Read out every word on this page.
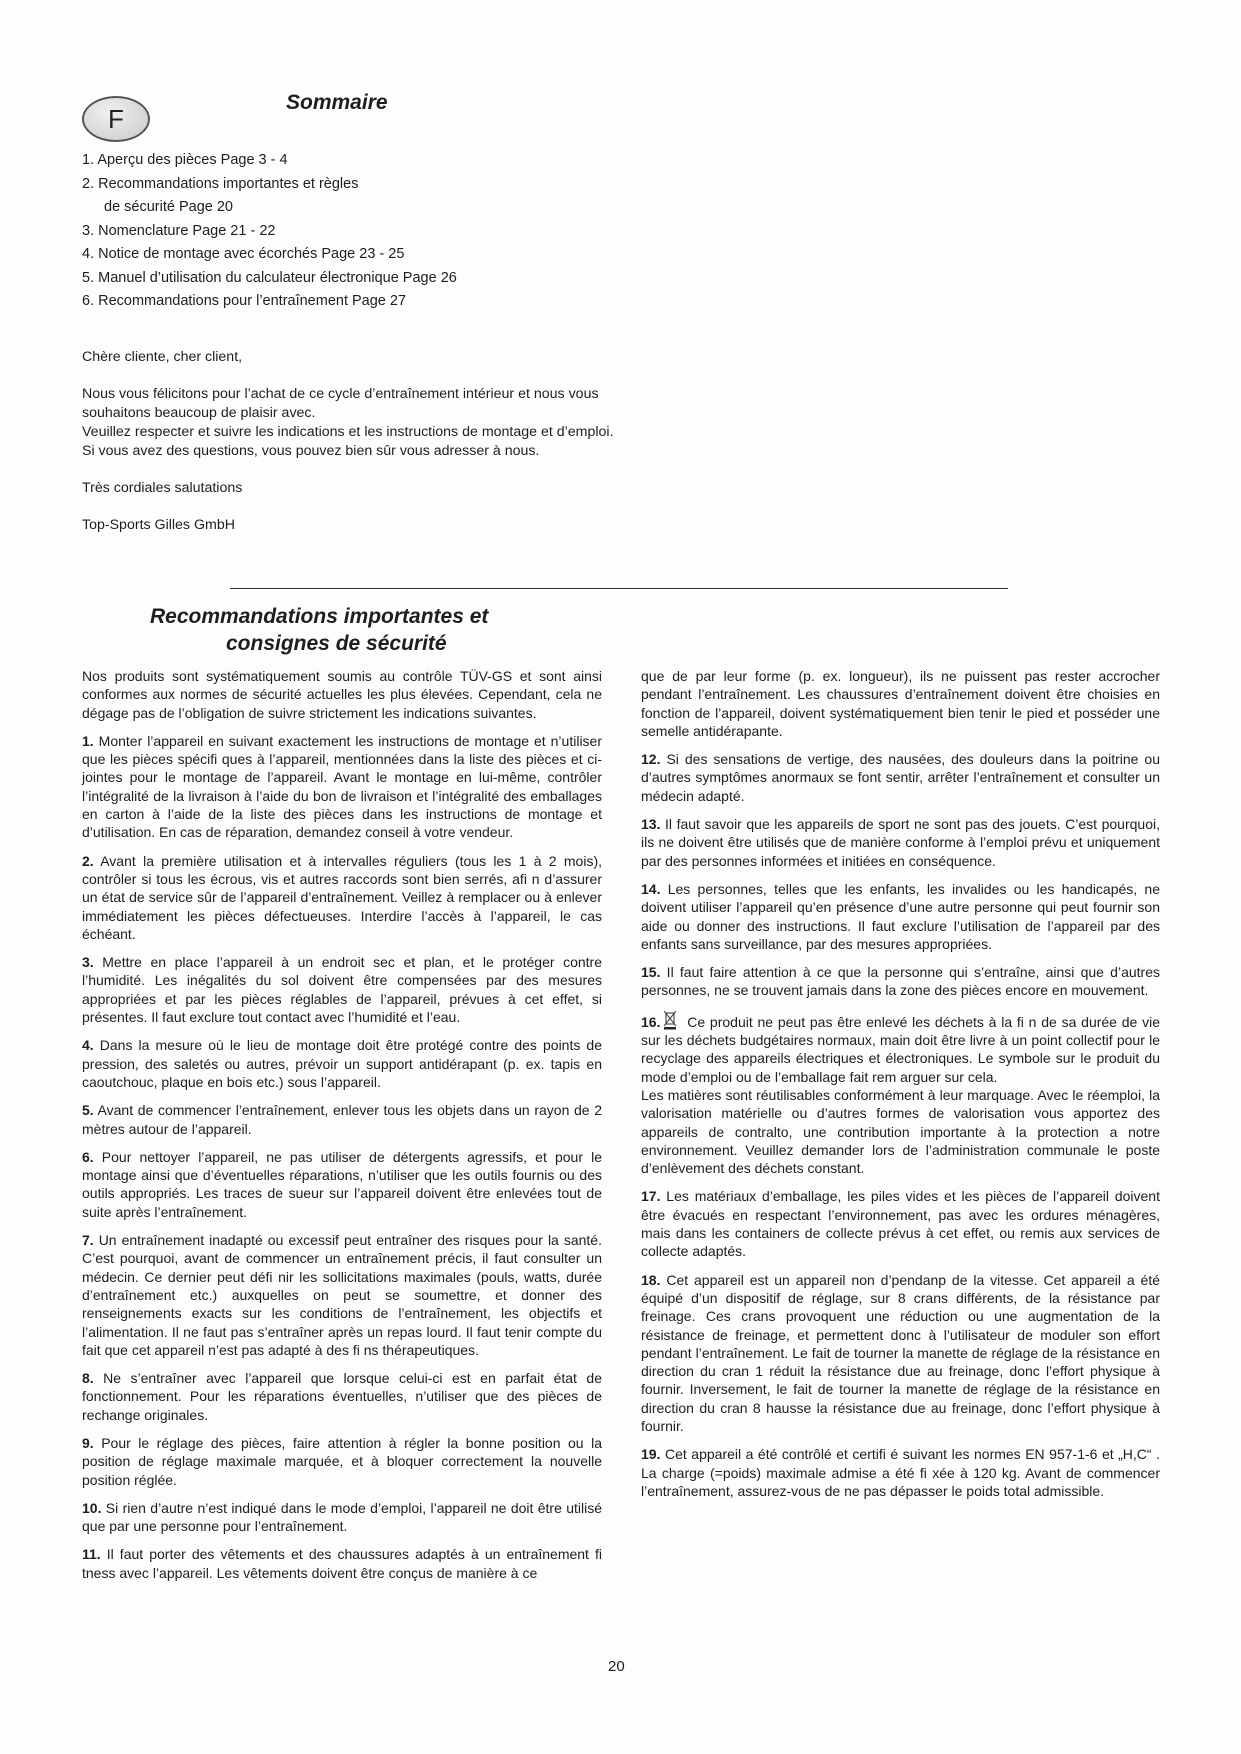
F
Sommaire
1. Aperçu des pièces Page 3 - 4
2. Recommandations importantes et règles
de sécurité Page 20
3. Nomenclature Page 21 - 22
4. Notice de montage avec écorchés Page 23 - 25
5. Manuel d’utilisation du calculateur électronique Page 26
6. Recommandations pour l’entraînement Page 27

Chère cliente, cher client,

Nous vous félicitons pour l’achat de ce cycle d’entraînement intérieur et nous vous souhaitons beaucoup de plaisir avec.
Veuillez respecter et suivre les indications et les instructions de montage et d’emploi.
Si vous avez des questions, vous pouvez bien sûr vous adresser à nous.

Très cordiales salutations

Top-Sports Gilles GmbH

Recommandations importantes et
consignes de sécurité

Nos produits sont systématiquement soumis au contrôle TÜV-GS et sont ainsi conformes aux normes de sécurité actuelles les plus élevées. Cependant, cela ne dégage pas de l’obligation de suivre strictement les indications suivantes.

1. Monter l’appareil en suivant exactement les instructions de montage et n’utiliser que les pièces spécifi ques à l’appareil, mentionnées dans la liste des pièces et ci-jointes pour le montage de l’appareil. Avant le montage en lui-même, contrôler l’intégralité de la livraison à l’aide du bon de livraison et l’intégralité des emballages en carton à l’aide de la liste des pièces dans les instructions de montage et d’utilisation. En cas de réparation, demandez conseil à votre vendeur.

2. Avant la première utilisation et à intervalles réguliers (tous les 1 à 2 mois), contrôler si tous les écrous, vis et autres raccords sont bien serrés, afi n d’assurer un état de service sûr de l’appareil d’entraînement. Veillez à remplacer ou à enlever immédiatement les pièces défectueuses. Interdire l’accès à l’appareil, le cas échéant.

3. Mettre en place l’appareil à un endroit sec et plan, et le protéger contre l’humidité. Les inégalités du sol doivent être compensées par des mesures appropriées et par les pièces réglables de l’appareil, prévues à cet effet, si présentes. Il faut exclure tout contact avec l’humidité et l’eau.

4. Dans la mesure où le lieu de montage doit être protégé contre des points de pression, des saletés ou autres, prévoir un support antidérapant (p. ex. tapis en caoutchouc, plaque en bois etc.) sous l’appareil.

5. Avant de commencer l’entraînement, enlever tous les objets dans un rayon de 2 mètres autour de l’appareil.

6. Pour nettoyer l’appareil, ne pas utiliser de détergents agressifs, et pour le montage ainsi que d’éventuelles réparations, n’utiliser que les outils fournis ou des outils appropriés. Les traces de sueur sur l’appareil doivent être enlevées tout de suite après l’entraînement.

7. Un entraînement inadapté ou excessif peut entraîner des risques pour la santé. C’est pourquoi, avant de commencer un entraînement précis, il faut consulter un médecin. Ce dernier peut défi nir les sollicitations maximales (pouls, watts, durée d’entraînement etc.) auxquelles on peut se soumettre, et donner des renseignements exacts sur les conditions de l’entraînement, les objectifs et l’alimentation. Il ne faut pas s’entraîner après un repas lourd. Il faut tenir compte du fait que cet appareil n’est pas adapté à des fi ns thérapeutiques.

8. Ne s’entraîner avec l’appareil que lorsque celui-ci est en parfait état de fonctionnement. Pour les réparations éventuelles, n’utiliser que des pièces de rechange originales.

9. Pour le réglage des pièces, faire attention à régler la bonne position ou la position de réglage maximale marquée, et à bloquer correctement la nouvelle position réglée.

10. Si rien d’autre n’est indiqué dans le mode d’emploi, l’appareil ne doit être utilisé que par une personne pour l’entraînement.

11. Il faut porter des vêtements et des chaussures adaptés à un entraînement fi tness avec l’appareil. Les vêtements doivent être conçus de manière à ce

que de par leur forme (p. ex. longueur), ils ne puissent pas rester accrocher pendant l’entraînement. Les chaussures d’entraînement doivent être choisies en fonction de l’appareil, doivent systématiquement bien tenir le pied et posséder une semelle antidérapante.

12. Si des sensations de vertige, des nausées, des douleurs dans la poitrine ou d’autres symptômes anormaux se font sentir, arrêter l’entraînement et consulter un médecin adapté.

13. Il faut savoir que les appareils de sport ne sont pas des jouets. C’est pourquoi, ils ne doivent être utilisés que de manière conforme à l’emploi prévu et uniquement par des personnes informées et initiées en conséquence.

14. Les personnes, telles que les enfants, les invalides ou les handicapés, ne doivent utiliser l’appareil qu’en présence d’une autre personne qui peut fournir son aide ou donner des instructions. Il faut exclure l’utilisation de l’appareil par des enfants sans surveillance, par des mesures appropriées.

15. Il faut faire attention à ce que la personne qui s’entraîne, ainsi que d’autres personnes, ne se trouvent jamais dans la zone des pièces encore en mouvement.

16. Ce produit ne peut pas être enlevé les déchets à la fi n de sa durée de vie sur les déchets budgétaires normaux, main doit être livre à un point collectif pour le recyclage des appareils électriques et électroniques. Le symbole sur le produit du mode d’emploi ou de l’emballage fait rem arguer sur cela.

Les matières sont réutilisables conformément à leur marquage. Avec le réemploi, la valorisation matérielle ou d’autres formes de valorisation vous apportez des appareils de contralto, une contribution importante à la protection a notre environnement. Veuillez demander lors de l’administration communale le poste d’enlèvement des déchets constant.

17. Les matériaux d’emballage, les piles vides et les pièces de l’appareil doivent être évacués en respectant l’environnement, pas avec les ordures ménagères, mais dans les containers de collecte prévus à cet effet, ou remis aux services de collecte adaptés.

18. Cet appareil est un appareil non d’pendanp de la vitesse. Cet appareil a été équipé d’un dispositif de réglage, sur 8 crans différents, de la résistance par freinage. Ces crans provoquent une réduction ou une augmentation de la résistance de freinage, et permettent donc à l’utilisateur de moduler son effort pendant l’entraînement. Le fait de tourner la manette de réglage de la résistance en direction du cran 1 réduit la résistance due au freinage, donc l’effort physique à fournir. Inversement, le fait de tourner la manette de réglage de la résistance en direction du cran 8 hausse la résistance due au freinage, donc l’effort physique à fournir.

19. Cet appareil a été contrôlé et certifi é suivant les normes EN 957-1-6 et „H,C“ . La charge (=poids) maximale admise a été fi xée à 120 kg. Avant de commencer l’entraînement, assurez-vous de ne pas dépasser le poids total admissible.

20
